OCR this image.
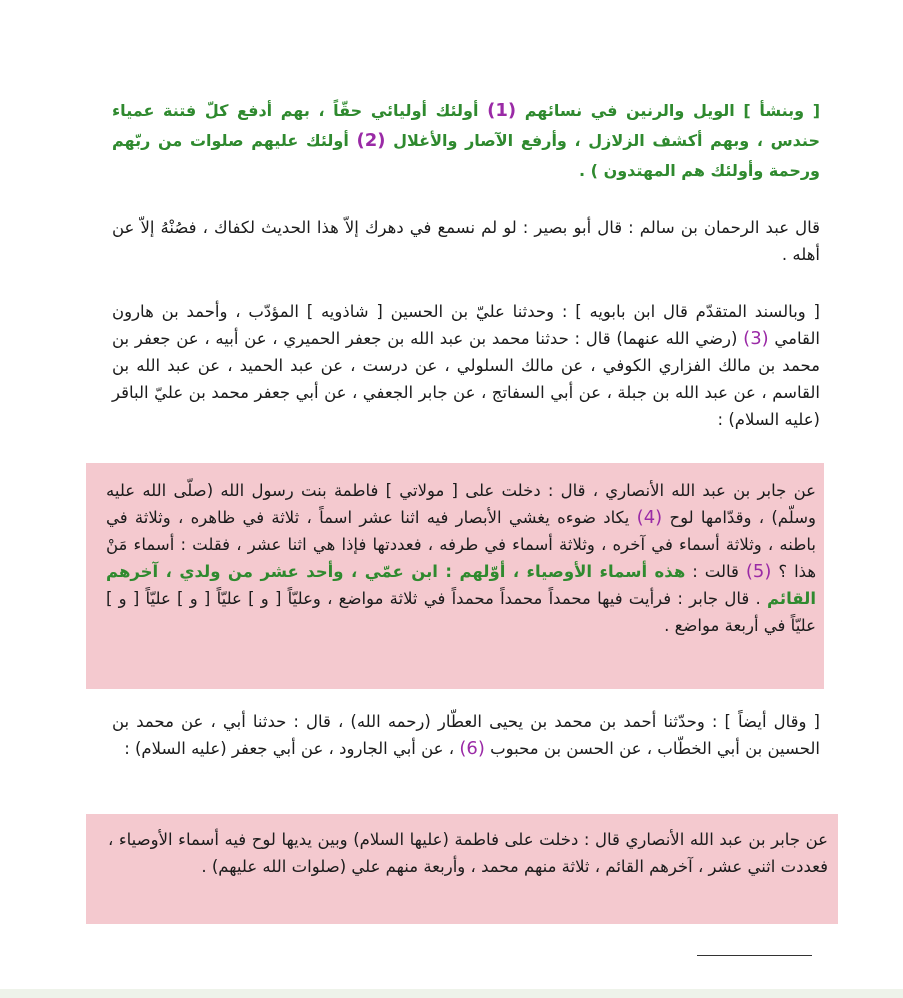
[ وبنشأ ] الويل والرنين في نسائهم (1) أولئك أوليائي حقّاً ، بهم أدفع كلّ فتنة عمياء حندس ، وبهم أكشف الزلازل ، وأرفع الآصار والأغلال (2) أولئك عليهم صلوات من ربّهم ورحمة وأولئك هم المهتدون ) .
قال عبد الرحمان بن سالم : قال أبو بصير : لو لم نسمع في دهرك إلاّ هذا الحديث لكفاك ، فصُنْهُ إلاّ عن أهله .
[ وبالسند المتقدّم قال ابن بابويه ] : وحدثنا عليّ بن الحسين [ شاذويه ] المؤدّب ، وأحمد بن هارون القامي (3) (رضي الله عنهما) قال : حدثنا محمد بن عبد الله بن جعفر الحميري ، عن أبيه ، عن جعفر بن محمد بن مالك الفزاري الكوفي ، عن مالك السلولي ، عن درست ، عن عبد الحميد ، عن عبد الله بن القاسم ، عن عبد الله بن جبلة ، عن أبي السفاتج ، عن جابر الجعفي ، عن أبي جعفر محمد بن عليّ الباقر (عليه السلام) :
عن جابر بن عبد الله الأنصاري ، قال : دخلت على [ مولاتي ] فاطمة بنت رسول الله (صلّى الله عليه وسلّم) ، وقدّامها لوح (4) يكاد ضوءه يغشي الأبصار فيه اثنا عشر اسماً ، ثلاثة في ظاهره ، وثلاثة في باطنه ، وثلاثة أسماء في آخره ، وثلاثة أسماء في طرفه ، فعددتها فإذا هي اثنا عشر ، فقلت : أسماء مَنْ هذا ؟ (5) قالت : هذه أسماء الأوصياء ، أوّلهم : ابن عمّي ، وأحد عشر من ولدي ، آخرهم القائم . قال جابر : فرأيت فيها محمداً محمداً محمداً في ثلاثة مواضع ، وعليّاً [ و ] عليّاً [ و ] عليّاً [ و ] عليّاً في أربعة مواضع .
[ وقال أيضاً ] : وحدّثنا أحمد بن محمد بن يحيى العطّار (رحمه الله) ، قال : حدثنا أبي ، عن محمد بن الحسين بن أبي الخطّاب ، عن الحسن بن محبوب (6) ، عن أبي الجارود ، عن أبي جعفر (عليه السلام) :
عن جابر بن عبد الله الأنصاري قال : دخلت على فاطمة (عليها السلام) وبين يديها لوح فيه أسماء الأوصياء ، فعددت اثني عشر ، آخرهم القائم ، ثلاثة منهم محمد ، وأربعة منهم علي (صلوات الله عليهم) .
